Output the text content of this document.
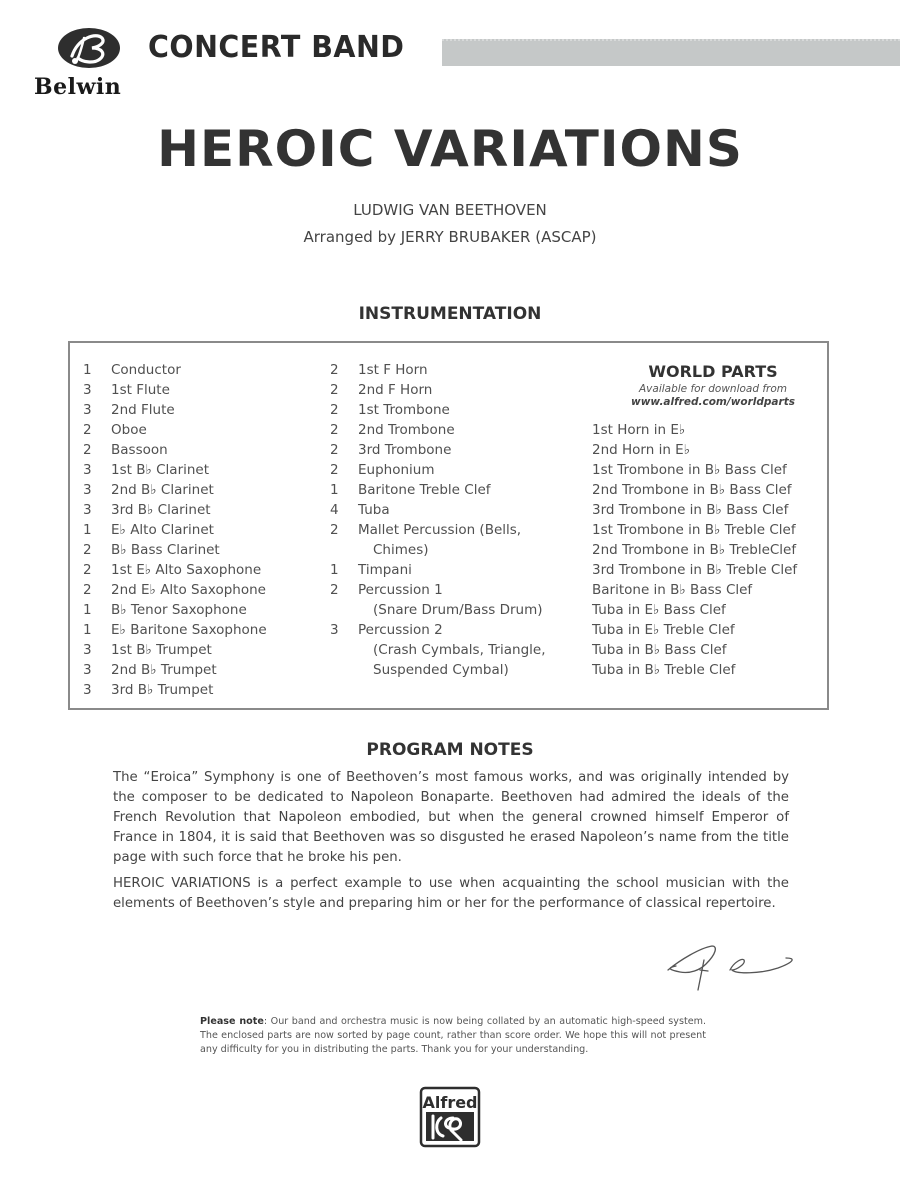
Belwin
CONCERT BAND
HEROIC VARIATIONS
LUDWIG VAN BEETHOVEN
Arranged by JERRY BRUBAKER (ASCAP)
INSTRUMENTATION
1	Conductor
3	1st Flute
3	2nd Flute
2	Oboe
2	Bassoon
3	1st B♭ Clarinet
3	2nd B♭ Clarinet
3	3rd B♭ Clarinet
1	E♭ Alto Clarinet
2	B♭ Bass Clarinet
2	1st E♭ Alto Saxophone
2	2nd E♭ Alto Saxophone
1	B♭ Tenor Saxophone
1	E♭ Baritone Saxophone
3	1st B♭ Trumpet
3	2nd B♭ Trumpet
3	3rd B♭ Trumpet
2	1st F Horn
2	2nd F Horn
2	1st Trombone
2	2nd Trombone
2	3rd Trombone
2	Euphonium
1	Baritone Treble Clef
4	Tuba
2	Mallet Percussion (Bells,
Chimes)
1	Timpani
2	Percussion 1
(Snare Drum/Bass Drum)
3	Percussion 2
(Crash Cymbals, Triangle,
Suspended Cymbal)
WORLD PARTS
Available for download from
www.alfred.com/worldparts
1st Horn in E♭
2nd Horn in E♭
1st Trombone in B♭ Bass Clef
2nd Trombone in B♭ Bass Clef
3rd Trombone in B♭ Bass Clef
1st Trombone in B♭ Treble Clef
2nd Trombone in B♭ TrebleClef
3rd Trombone in B♭ Treble Clef
Baritone in B♭ Bass Clef
Tuba in E♭ Bass Clef
Tuba in E♭ Treble Clef
Tuba in B♭ Bass Clef
Tuba in B♭ Treble Clef
PROGRAM NOTES

The “Eroica” Symphony is one of Beethoven’s most famous works, and was originally intended by the composer to be dedicated to Napoleon Bonaparte. Beethoven had admired the ideals of the French Revolution that Napoleon embodied, but when the general crowned himself Emperor of France in 1804, it is said that Beethoven was so disgusted he erased Napoleon’s name from the title page with such force that he broke his pen.

HEROIC VARIATIONS is a perfect example to use when acquainting the school musician with the elements of Beethoven’s style and preparing him or her for the performance of classical repertoire.

Please note: Our band and orchestra music is now being collated by an automatic high-speed system. The enclosed parts are now sorted by page count, rather than score order. We hope this will not present any difficulty for you in distributing the parts. Thank you for your understanding.
Alfred
